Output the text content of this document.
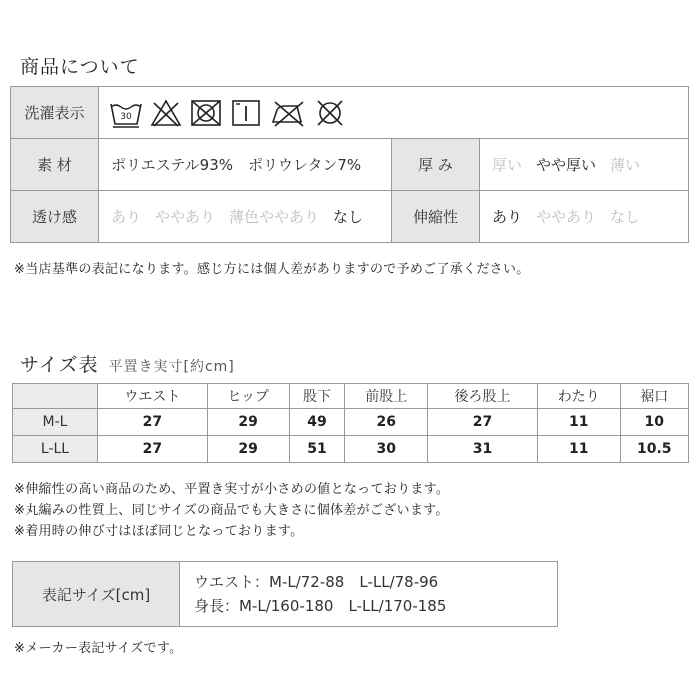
商品について
洗濯表示	30		

素 材	ポリエステル93%　ポリウレタン7%	厚 み	厚い やや厚い 薄い
透け感	あり ややあり 薄色ややあり なし	伸縮性	あり ややあり なし
※当店基準の表記になります。感じ方には個人差がありますので予めご了承ください。
サイズ表 平置き実寸[約cm]
	ウエスト	ヒップ	股下	前股上	後ろ股上	わたり	裾口
M-L	27	29	49	26	27	11	10
L-LL	27	29	51	30	31	11	10.5
※伸縮性の高い商品のため、平置き実寸が小さめの値となっております。
※丸編みの性質上、同じサイズの商品でも大きさに個体差がございます。
※着用時の伸び寸はほぼ同じとなっております。
表記サイズ[cm]	
ウエスト：M-L/72-88　L-LL/78-96
身長：M-L/160-180　L-LL/170-185
※メーカー表記サイズです。
